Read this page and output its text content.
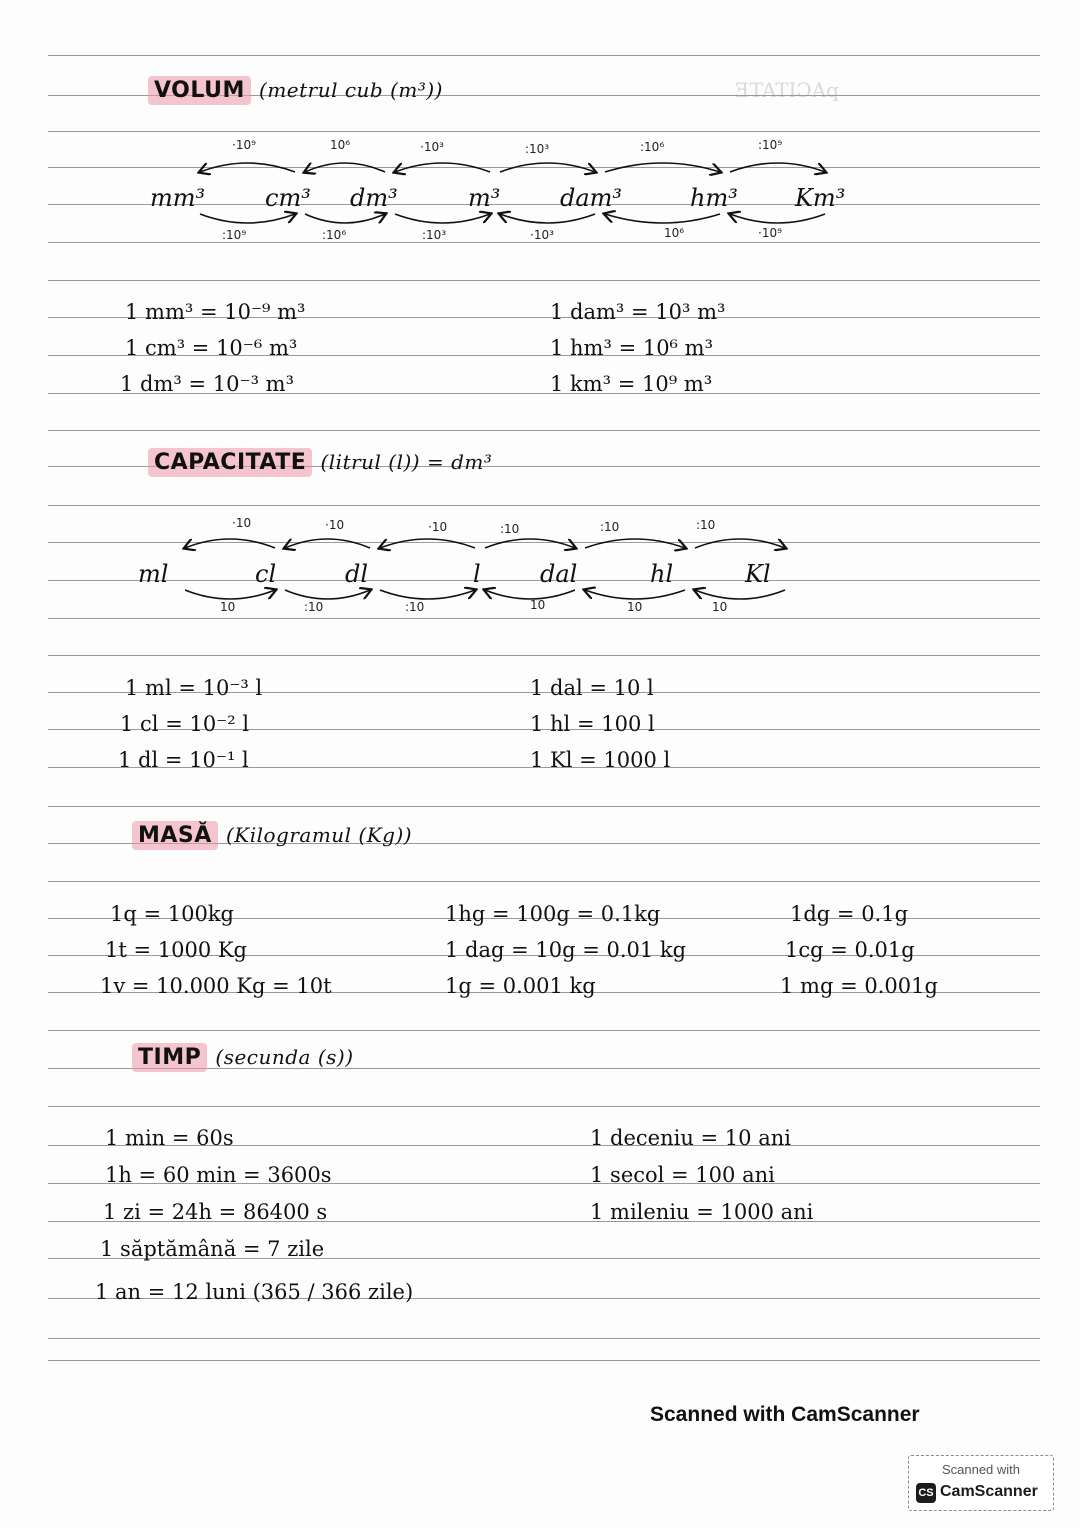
ƎTATIƆAq
VOLUM (metrul cub (m³))
mm³ cm³ dm³	m³ dam³	hm³ Km³
·10⁹	10⁶	·10³	:10³	:10⁶	:10⁹
:10⁹	:10⁶	:10³	·10³	10⁶	·10⁹
1 mm³ = 10⁻⁹ m³
1 cm³ = 10⁻⁶ m³
1 dm³ = 10⁻³ m³
1 dam³ = 10³ m³
1 hm³ = 10⁶ m³
1 km³ = 10⁹ m³
CAPACITATE (litrul (l)) = dm³
ml	cl	dl	l dal	hl	Kl
·10	·10	·10	:10	:10	:10
10	:10	:10	10	10	10
1 ml = 10⁻³ l
1 cl = 10⁻² l
1 dl = 10⁻¹ l
1 dal = 10 l
1 hl = 100 l
1 Kl = 1000 l
MASĂ (Kilogramul (Kg))
1q = 100kg
1t = 1000 Kg
1v = 10.000 Kg = 10t
1hg = 100g = 0.1kg
1 dag = 10g = 0.01 kg
1g = 0.001 kg
1dg = 0.1g
1cg = 0.01g
1 mg = 0.001g
TIMP (secunda (s))
1 min = 60s
1h = 60 min = 3600s
1 zi = 24h = 86400 s
1 săptămână = 7 zile
1 an = 12 luni (365 / 366 zile)
1 deceniu = 10 ani
1 secol = 100 ani
1 mileniu = 1000 ani
Scanned with CamScanner
Scanned with
CS CamScanner
